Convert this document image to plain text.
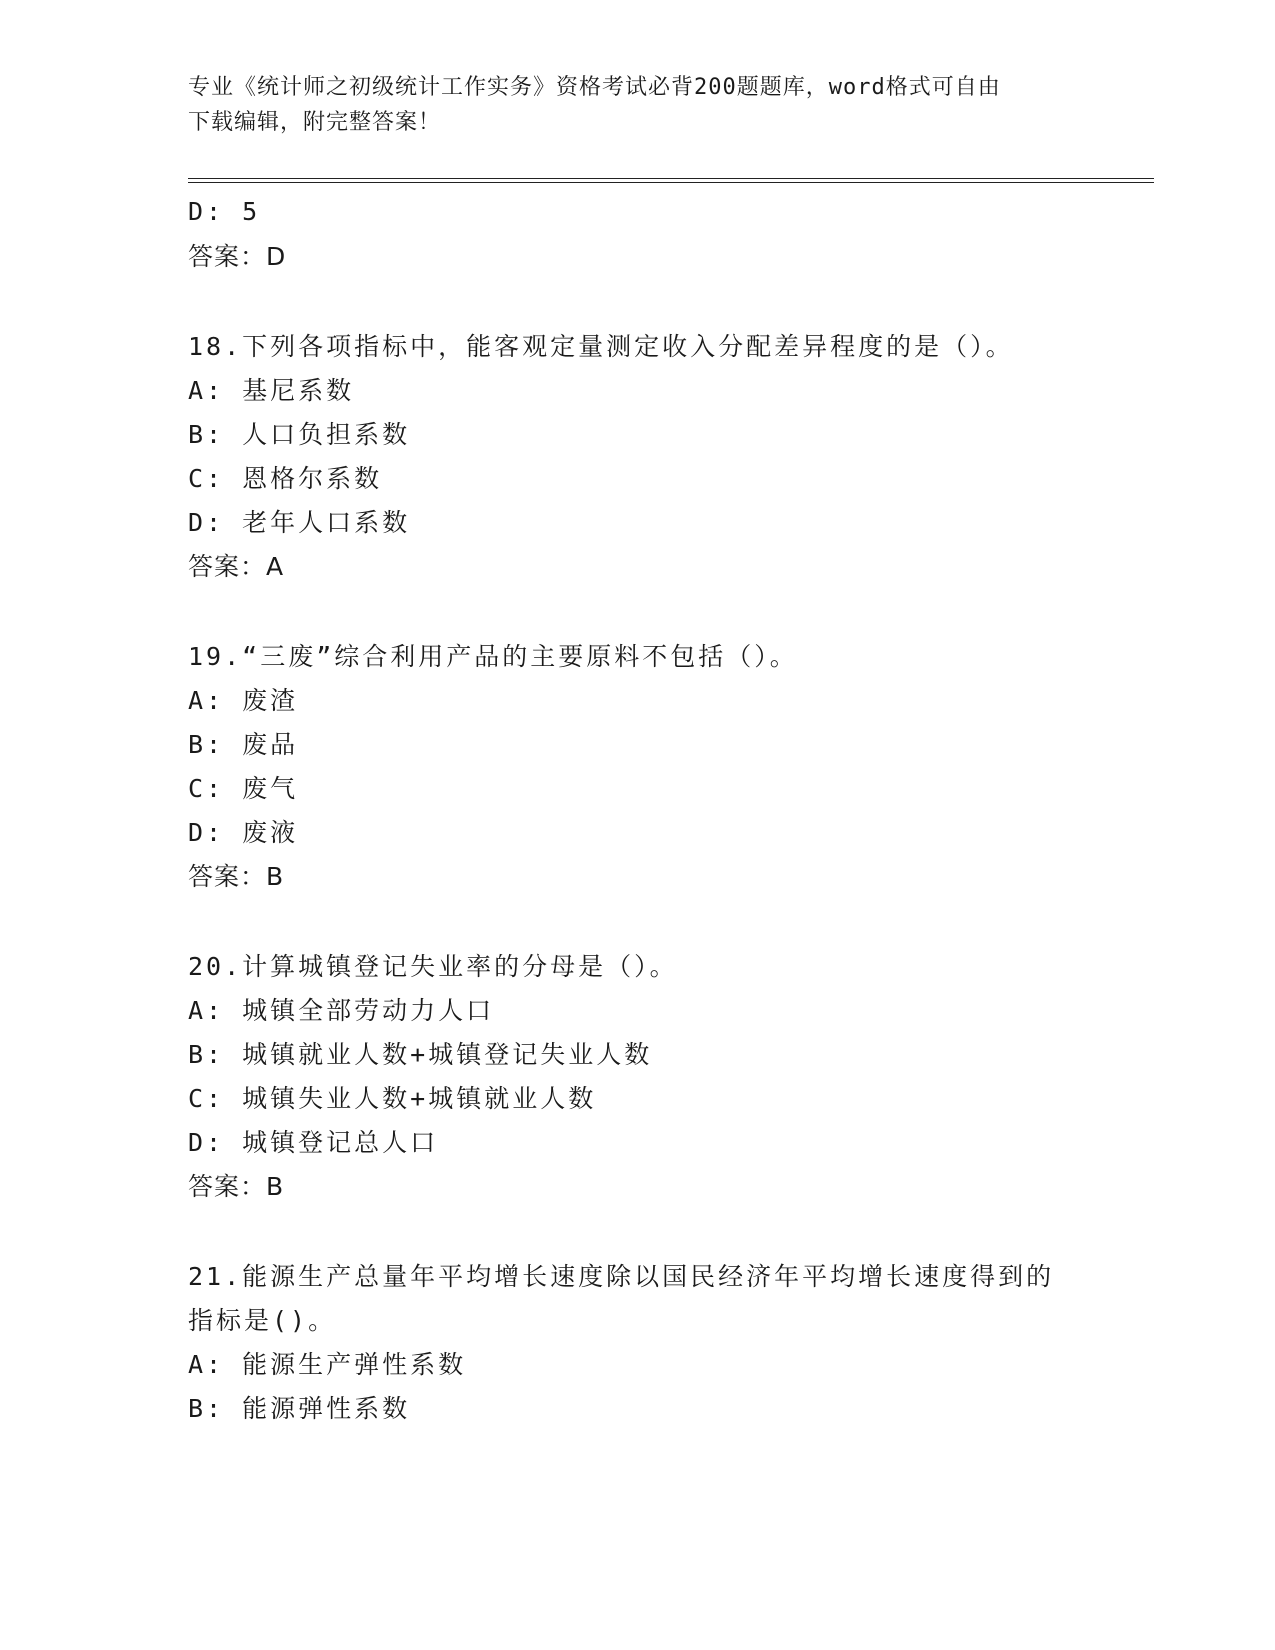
专业《统计师之初级统计工作实务》资格考试必背200题题库，word格式可自由
下载编辑，附完整答案！
D: 5
答案：D
18.下列各项指标中，能客观定量测定收入分配差异程度的是（）。
A: 基尼系数
B: 人口负担系数
C: 恩格尔系数
D: 老年人口系数
答案：A
19.“三废”综合利用产品的主要原料不包括（）。
A: 废渣
B: 废品
C: 废气
D: 废液
答案：B
20.计算城镇登记失业率的分母是（）。
A: 城镇全部劳动力人口
B: 城镇就业人数+城镇登记失业人数
C: 城镇失业人数+城镇就业人数
D: 城镇登记总人口
答案：B
21.能源生产总量年平均增长速度除以国民经济年平均增长速度得到的
指标是()。
A: 能源生产弹性系数
B: 能源弹性系数
